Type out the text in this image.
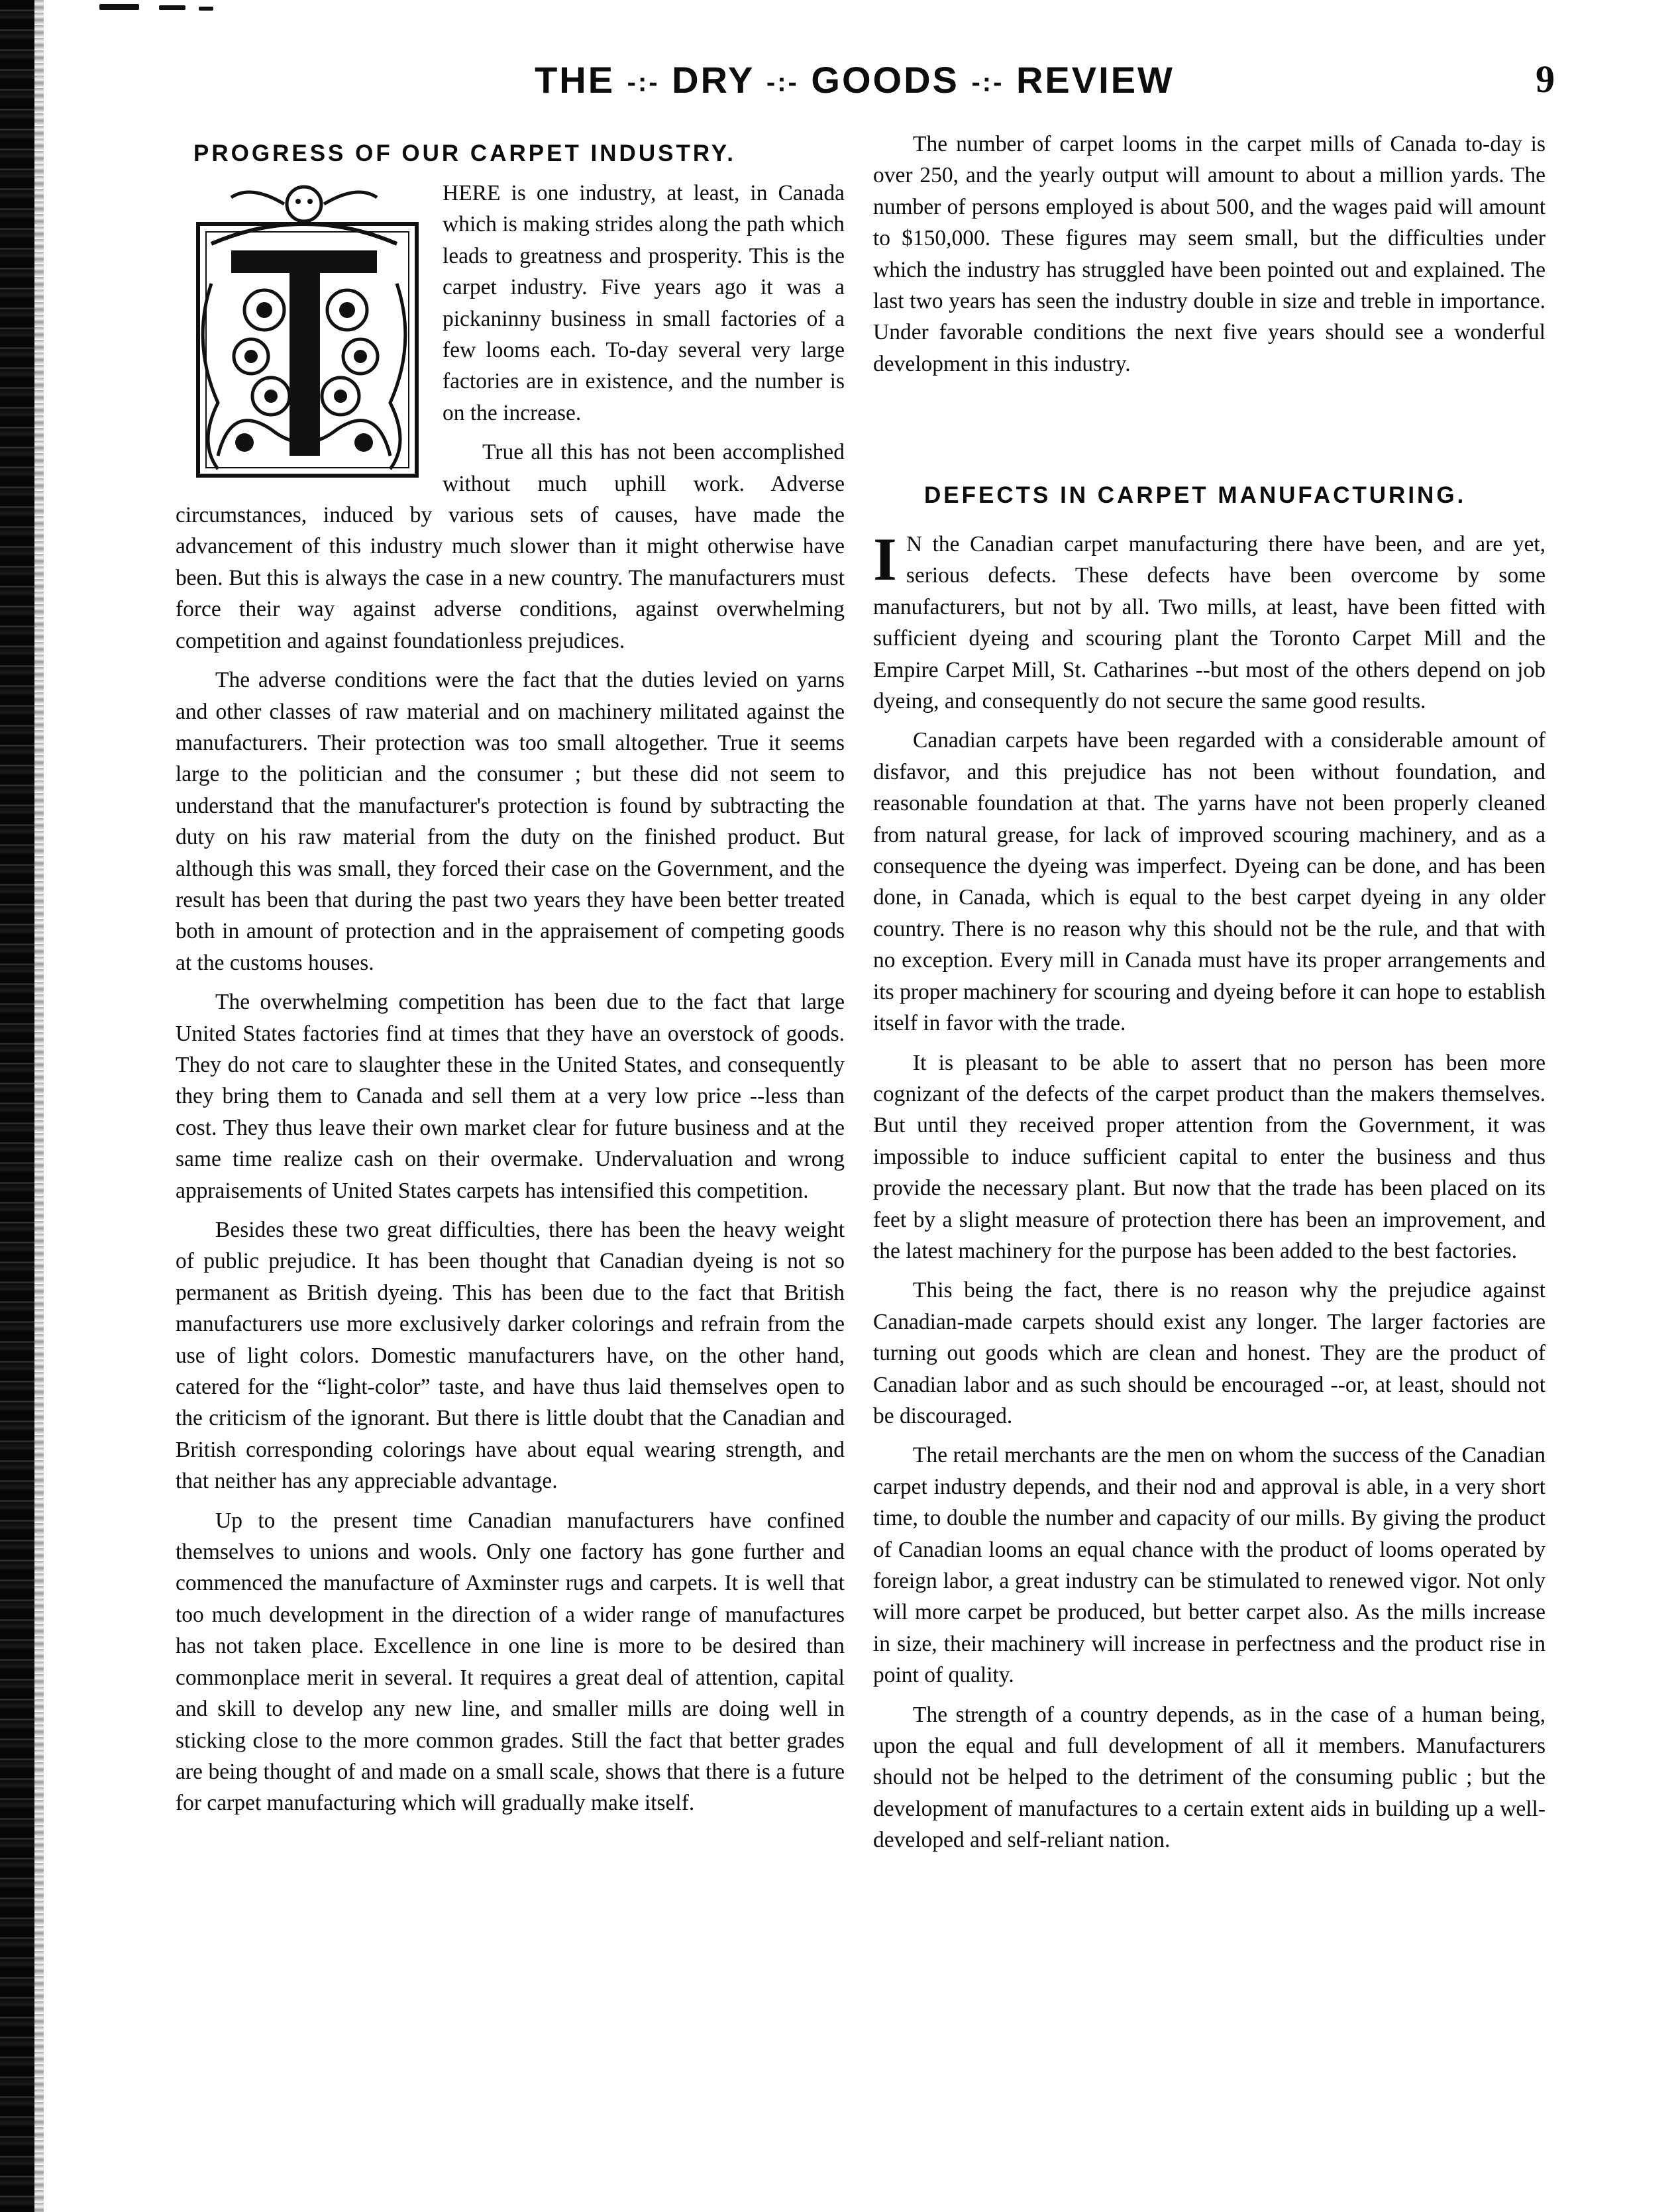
THE -:- DRY -:- GOODS -:- REVIEW	9
PROGRESS OF OUR CARPET INDUSTRY.

HERE is one industry, at least, in Canada which is making strides along the path which leads to greatness and prosperity. This is the carpet industry. Five years ago it was a pickaninny business in small factories of a few looms each. To-day several very large factories are in existence, and the number is on the increase.

True all this has not been accomplished without much uphill work. Adverse circumstances, induced by various sets of causes, have made the advancement of this industry much slower than it might otherwise have been. But this is always the case in a new country. The manufacturers must force their way against adverse conditions, against overwhelming competition and against foundationless prejudices.

The adverse conditions were the fact that the duties levied on yarns and other classes of raw material and on machinery militated against the manufacturers. Their protection was too small altogether. True it seems large to the politician and the consumer ; but these did not seem to understand that the manufacturer's protection is found by subtracting the duty on his raw material from the duty on the finished product. But although this was small, they forced their case on the Government, and the result has been that during the past two years they have been better treated both in amount of protection and in the appraisement of competing goods at the customs houses.

The overwhelming competition has been due to the fact that large United States factories find at times that they have an overstock of goods. They do not care to slaughter these in the United States, and consequently they bring them to Canada and sell them at a very low price --less than cost. They thus leave their own market clear for future business and at the same time realize cash on their overmake. Undervaluation and wrong appraisements of United States carpets has intensified this competition.

Besides these two great difficulties, there has been the heavy weight of public prejudice. It has been thought that Canadian dyeing is not so permanent as British dyeing. This has been due to the fact that British manufacturers use more exclusively darker colorings and refrain from the use of light colors. Domestic manufacturers have, on the other hand, catered for the “light-color” taste, and have thus laid themselves open to the criticism of the ignorant. But there is little doubt that the Canadian and British corresponding colorings have about equal wearing strength, and that neither has any appreciable advantage.

Up to the present time Canadian manufacturers have confined themselves to unions and wools. Only one factory has gone further and commenced the manufacture of Axminster rugs and carpets. It is well that too much development in the direction of a wider range of manufactures has not taken place. Excellence in one line is more to be desired than commonplace merit in several. It requires a great deal of attention, capital and skill to develop any new line, and smaller mills are doing well in sticking close to the more common grades. Still the fact that better grades are being thought of and made on a small scale, shows that there is a future for carpet manufacturing which will gradually make itself.

The number of carpet looms in the carpet mills of Canada to-day is over 250, and the yearly output will amount to about a million yards. The number of persons employed is about 500, and the wages paid will amount to $150,000. These figures may seem small, but the difficulties under which the industry has struggled have been pointed out and explained. The last two years has seen the industry double in size and treble in importance. Under favorable conditions the next five years should see a wonderful development in this industry.

DEFECTS IN CARPET MANUFACTURING.
I N the Canadian carpet manufacturing there have been, and are yet, serious defects. These defects have been overcome by some manufacturers, but not by all. Two mills, at least, have been fitted with sufficient dyeing and scouring plant the Toronto Carpet Mill and the Empire Carpet Mill, St. Catharines --but most of the others depend on job dyeing, and consequently do not secure the same good results.

Canadian carpets have been regarded with a considerable amount of disfavor, and this prejudice has not been without foundation, and reasonable foundation at that. The yarns have not been properly cleaned from natural grease, for lack of improved scouring machinery, and as a consequence the dyeing was imperfect. Dyeing can be done, and has been done, in Canada, which is equal to the best carpet dyeing in any older country. There is no reason why this should not be the rule, and that with no exception. Every mill in Canada must have its proper arrangements and its proper machinery for scouring and dyeing before it can hope to establish itself in favor with the trade.

It is pleasant to be able to assert that no person has been more cognizant of the defects of the carpet product than the makers themselves. But until they received proper attention from the Government, it was impossible to induce sufficient capital to enter the business and thus provide the necessary plant. But now that the trade has been placed on its feet by a slight measure of protection there has been an improvement, and the latest machinery for the purpose has been added to the best factories.

This being the fact, there is no reason why the prejudice against Canadian-made carpets should exist any longer. The larger factories are turning out goods which are clean and honest. They are the product of Canadian labor and as such should be encouraged --or, at least, should not be discouraged.

The retail merchants are the men on whom the success of the Canadian carpet industry depends, and their nod and approval is able, in a very short time, to double the number and capacity of our mills. By giving the product of Canadian looms an equal chance with the product of looms operated by foreign labor, a great industry can be stimulated to renewed vigor. Not only will more carpet be produced, but better carpet also. As the mills increase in size, their machinery will increase in perfectness and the product rise in point of quality.

The strength of a country depends, as in the case of a human being, upon the equal and full development of all it members. Manufacturers should not be helped to the detriment of the consuming public ; but the development of manufactures to a certain extent aids in building up a well-developed and self-reliant nation.
